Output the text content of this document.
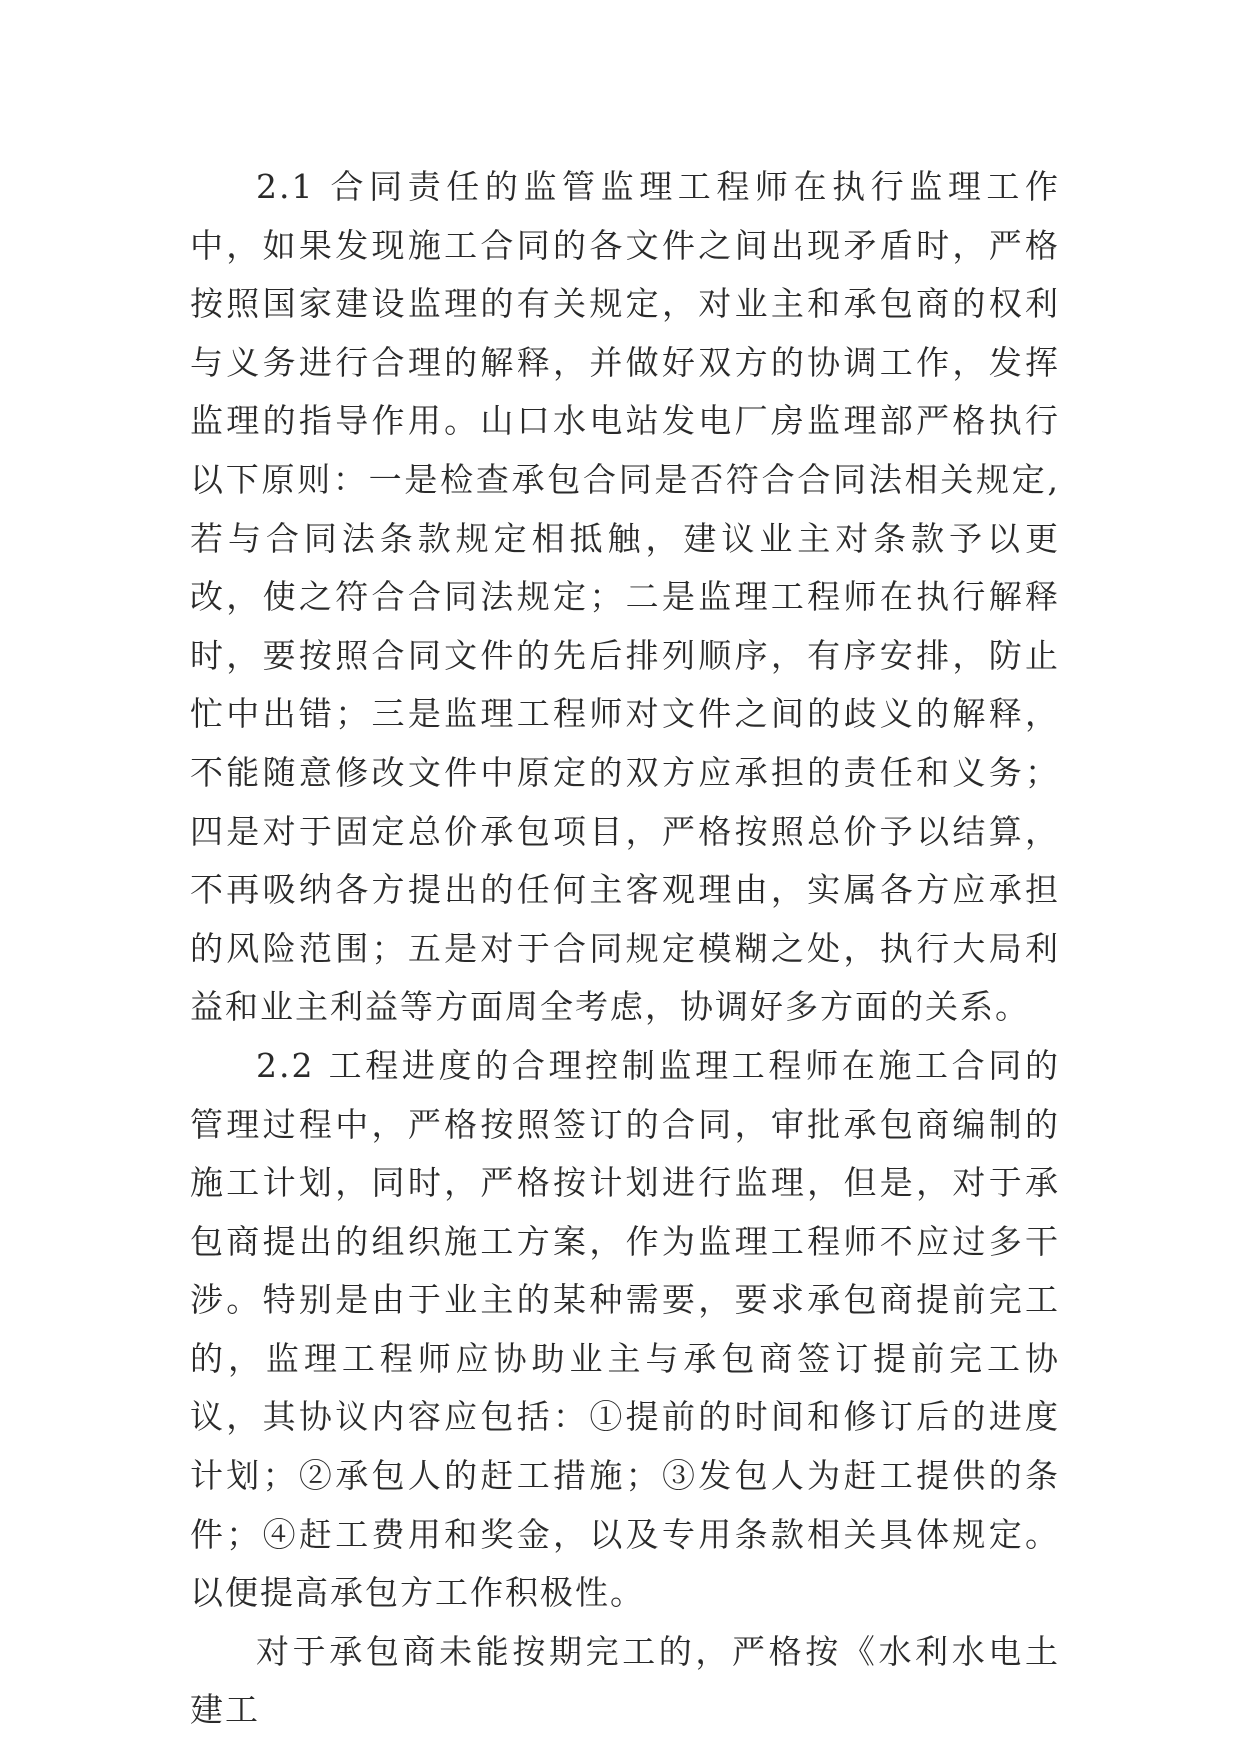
2.1 合同责任的监管监理工程师在执行监理工作中，如果发现施工合同的各文件之间出现矛盾时，严格按照国家建设监理的有关规定，对业主和承包商的权利与义务进行合理的解释，并做好双方的协调工作，发挥监理的指导作用。山口水电站发电厂房监理部严格执行以下原则：一是检查承包合同是否符合合同法相关规定,若与合同法条款规定相抵触，建议业主对条款予以更改，使之符合合同法规定；二是监理工程师在执行解释时，要按照合同文件的先后排列顺序，有序安排，防止忙中出错；三是监理工程师对文件之间的歧义的解释，不能随意修改文件中原定的双方应承担的责任和义务；四是对于固定总价承包项目，严格按照总价予以结算，不再吸纳各方提出的任何主客观理由，实属各方应承担的风险范围；五是对于合同规定模糊之处，执行大局利益和业主利益等方面周全考虑，协调好多方面的关系。

2.2 工程进度的合理控制监理工程师在施工合同的管理过程中，严格按照签订的合同，审批承包商编制的施工计划，同时，严格按计划进行监理，但是，对于承包商提出的组织施工方案，作为监理工程师不应过多干涉。特别是由于业主的某种需要，要求承包商提前完工的，监理工程师应协助业主与承包商签订提前完工协议，其协议内容应包括：①提前的时间和修订后的进度计划；②承包人的赶工措施；③发包人为赶工提供的条件；④赶工费用和奖金，以及专用条款相关具体规定。以便提高承包方工作积极性。

对于承包商未能按期完工的，严格按《水利水电土建工
